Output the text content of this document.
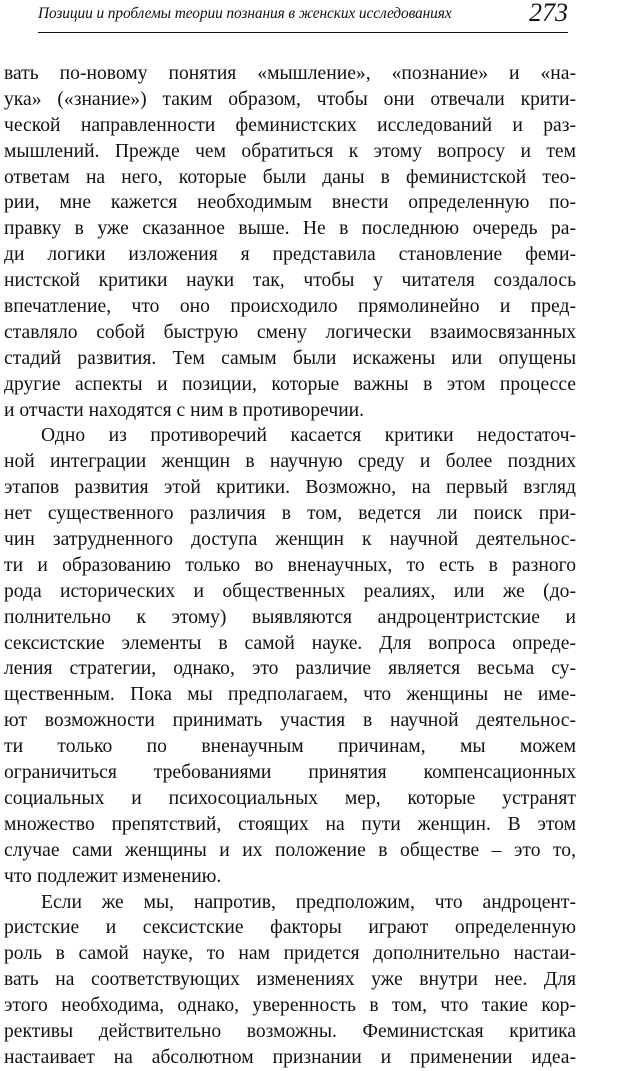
Позиции и проблемы теории познания в женских исследованиях	273
вать по-новому понятия «мышление», «познание» и «на-
ука» («знание») таким образом, чтобы они отвечали крити-
ческой направленности феминистских исследований и раз-
мышлений. Прежде чем обратиться к этому вопросу и тем
ответам на него, которые были даны в феминистской тео-
рии, мне кажется необходимым внести определенную по-
правку в уже сказанное выше. Не в последнюю очередь ра-
ди логики изложения я представила становление феми-
нистской критики науки так, чтобы у читателя создалось
впечатление, что оно происходило прямолинейно и пред-
ставляло собой быструю смену логически взаимосвязанных
стадий развития. Тем самым были искажены или опущены
другие аспекты и позиции, которые важны в этом процессе
и отчасти находятся с ним в противоречии.
Одно из противоречий касается критики недостаточ-
ной интеграции женщин в научную среду и более поздних
этапов развития этой критики. Возможно, на первый взгляд
нет существенного различия в том, ведется ли поиск при-
чин затрудненного доступа женщин к научной деятельнос-
ти и образованию только во вненаучных, то есть в разного
рода исторических и общественных реалиях, или же (до-
полнительно к этому) выявляются андроцентристские и
сексистские элементы в самой науке. Для вопроса опреде-
ления стратегии, однако, это различие является весьма су-
щественным. Пока мы предполагаем, что женщины не име-
ют возможности принимать участия в научной деятельнос-
ти только по вненаучным причинам, мы можем
ограничиться требованиями принятия компенсационных
социальных и психосоциальных мер, которые устранят
множество препятствий, стоящих на пути женщин. В этом
случае сами женщины и их положение в обществе – это то,
что подлежит изменению.
Если же мы, напротив, предположим, что андроцент-
ристские и сексистские факторы играют определенную
роль в самой науке, то нам придется дополнительно настаи-
вать на соответствующих изменениях уже внутри нее. Для
этого необходима, однако, уверенность в том, что такие кор-
рективы действительно возможны. Феминистская критика
настаивает на абсолютном признании и применении идеа-
